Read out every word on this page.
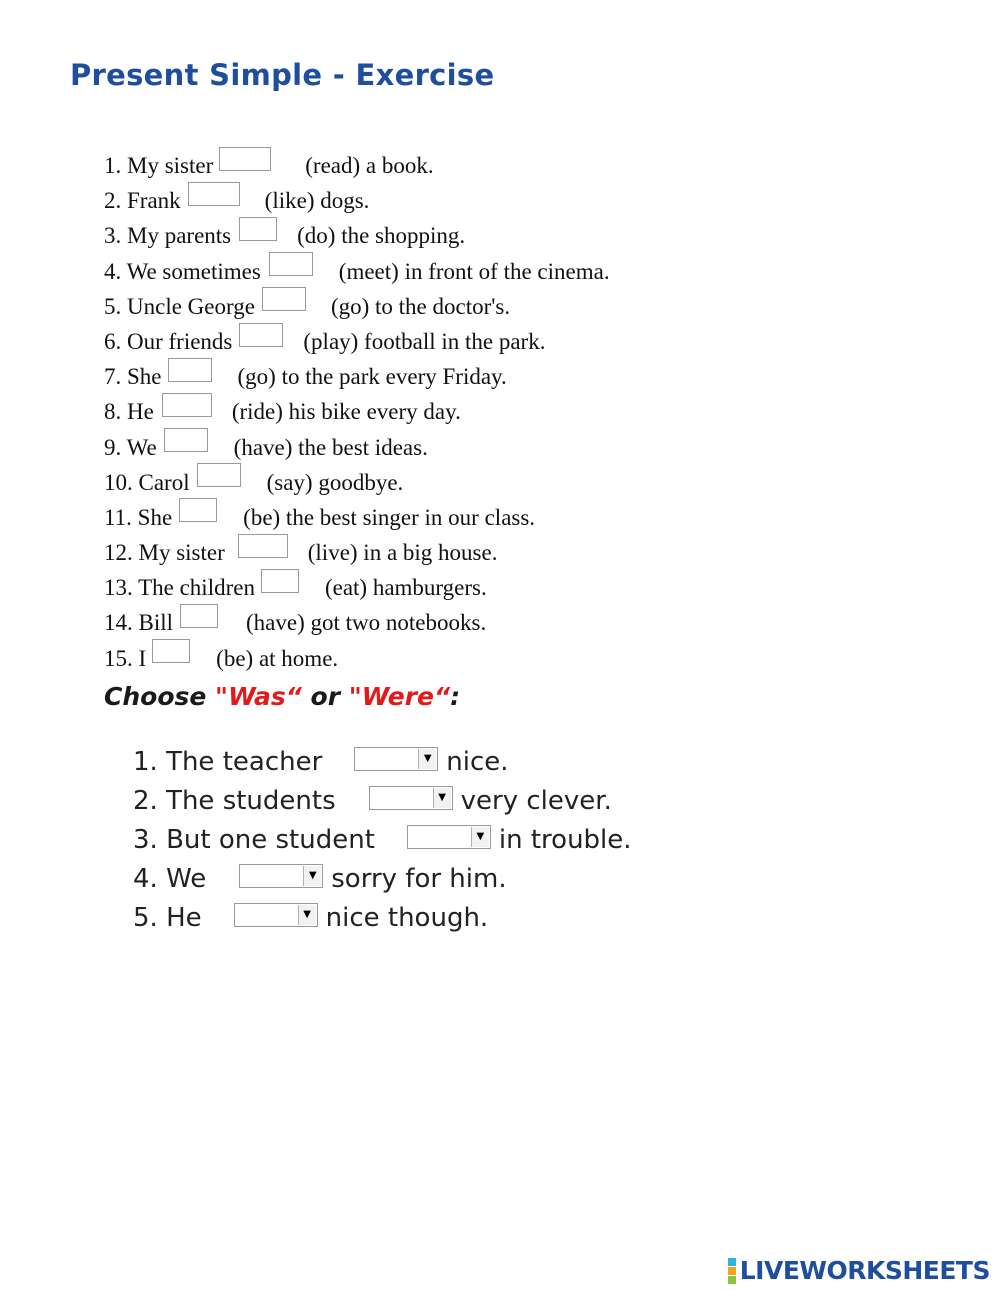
Present Simple - Exercise
1. My sister	(read) a book.
2. Frank	(like) dogs.
3. My parents	(do) the shopping.
4. We sometimes	(meet) in front of the cinema.
5. Uncle George	(go) to the doctor's.
6. Our friends	(play) football in the park.
7. She	(go) to the park every Friday.
8. He	(ride) his bike every day.
9. We	(have) the best ideas.
10. Carol	(say) goodbye.
11. She	(be) the best singer in our class.
12. My sister	(live) in a big house.
13. The children	(eat) hamburgers.
14. Bill	(have) got two notebooks.
15. I	(be) at home.
Choose "Was“ or "Were“:
1. The teacher	▼ nice.
2. The students	▼ very clever.
3. But one student	▼ in trouble.
4. We	▼ sorry for him.
5. He	▼ nice though.
LIVEWORKSHEETS
